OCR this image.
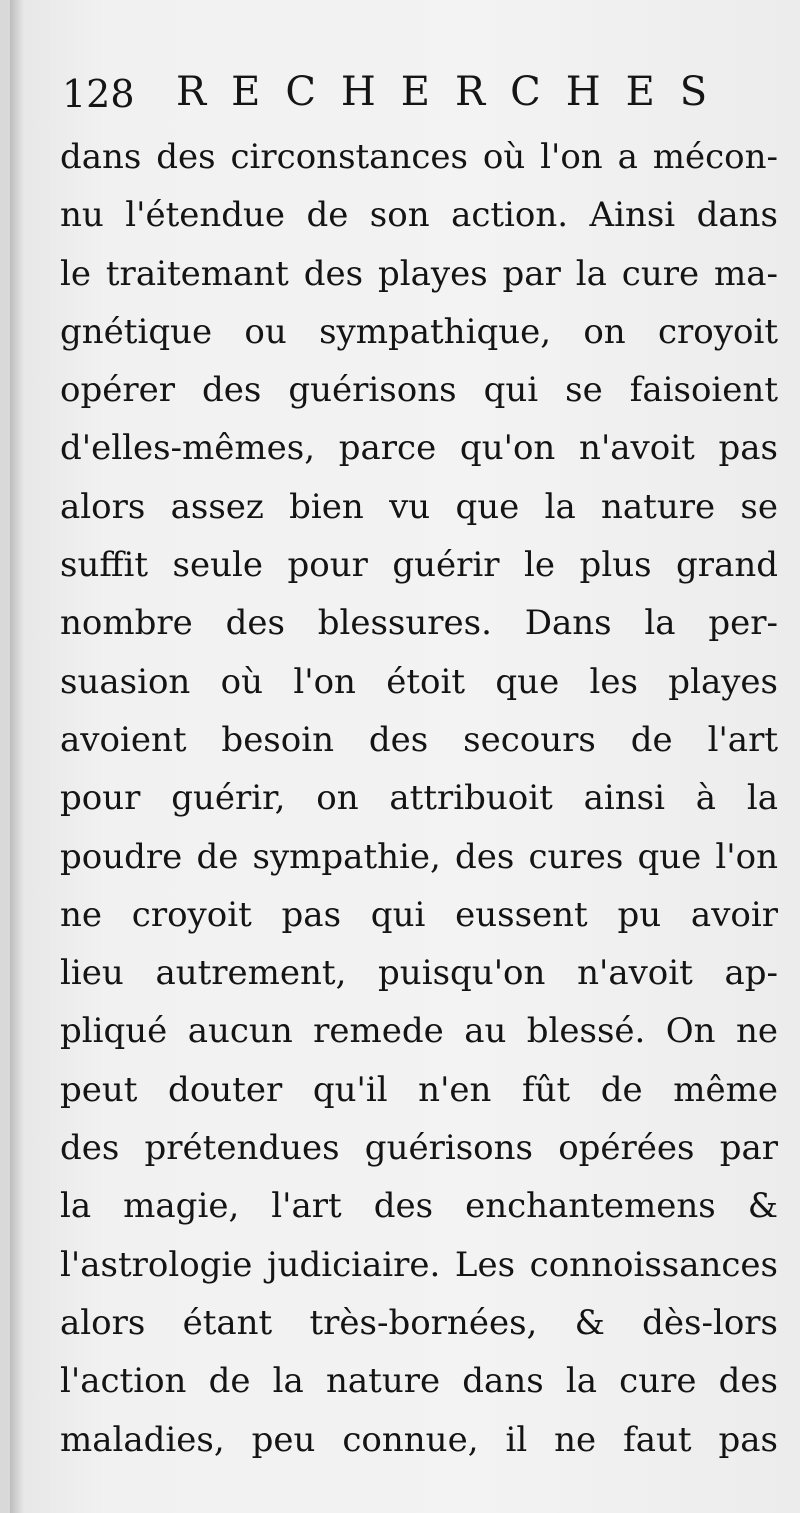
128 RECHERCHES
dans des circonstances où l'on a mécon-
nu l'étendue de son action. Ainsi dans
le traitemant des playes par la cure ma-
gnétique ou sympathique, on croyoit
opérer des guérisons qui se faisoient
d'elles-mêmes, parce qu'on n'avoit pas
alors assez bien vu que la nature se
suffit seule pour guérir le plus grand
nombre des blessures. Dans la per-
suasion où l'on étoit que les playes
avoient besoin des secours de l'art
pour guérir, on attribuoit ainsi à la
poudre de sympathie, des cures que l'on
ne croyoit pas qui eussent pu avoir
lieu autrement, puisqu'on n'avoit ap-
pliqué aucun remede au blessé. On ne
peut douter qu'il n'en fût de même
des prétendues guérisons opérées par
la magie, l'art des enchantemens &
l'astrologie judiciaire. Les connoissances
alors étant très-bornées, & dès-lors
l'action de la nature dans la cure des
maladies, peu connue, il ne faut pas
